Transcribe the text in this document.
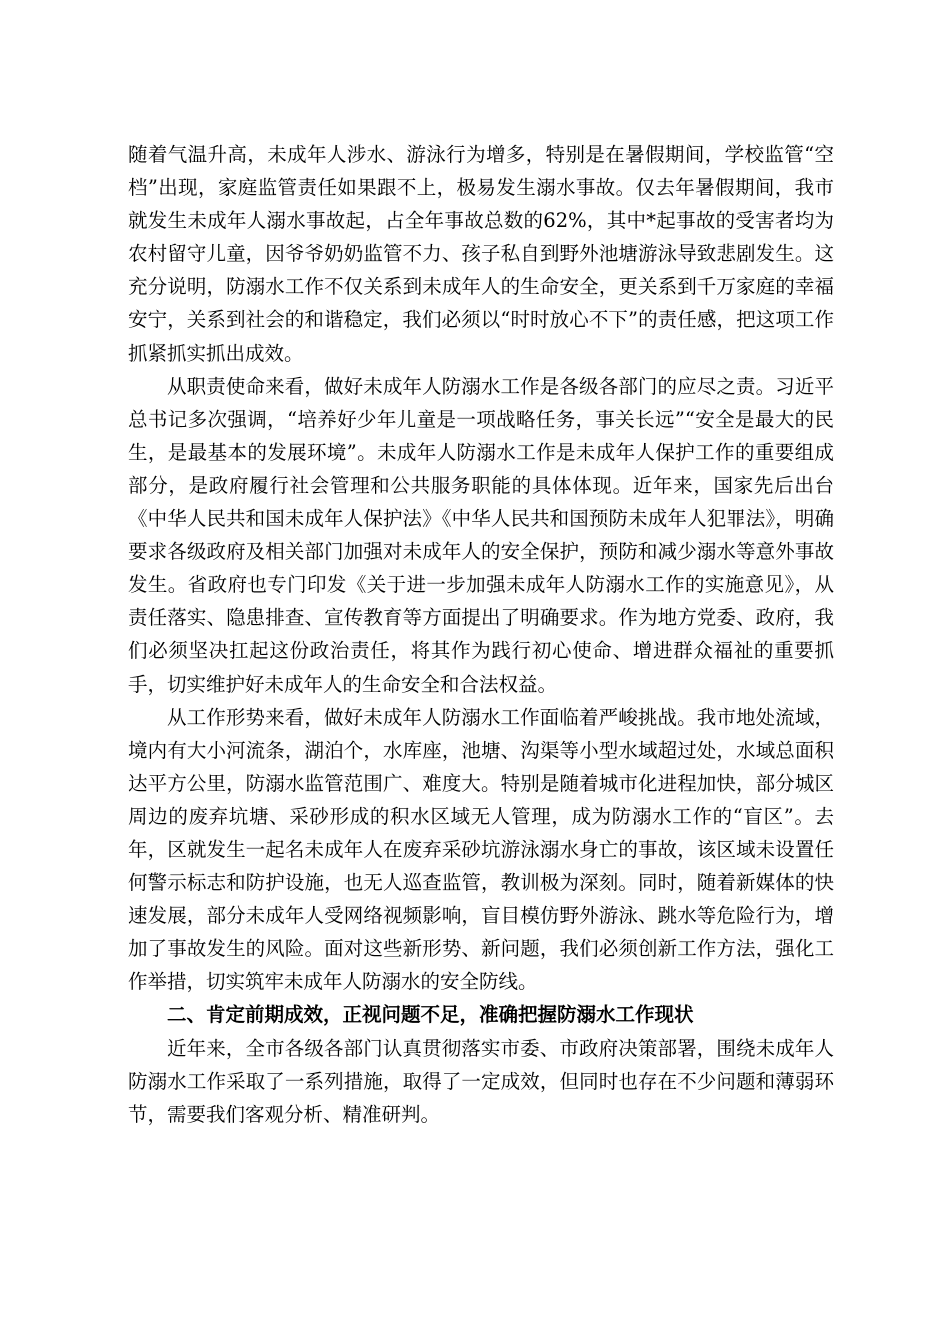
随着气温升高，未成年人涉水、游泳行为增多，特别是在暑假期间，学校监管“空档”出现，家庭监管责任如果跟不上，极易发生溺水事故。仅去年暑假期间，我市就发生未成年人溺水事故起，占全年事故总数的62%，其中*起事故的受害者均为农村留守儿童，因爷爷奶奶监管不力、孩子私自到野外池塘游泳导致悲剧发生。这充分说明，防溺水工作不仅关系到未成年人的生命安全，更关系到千万家庭的幸福安宁，关系到社会的和谐稳定，我们必须以“时时放心不下”的责任感，把这项工作抓紧抓实抓出成效。

从职责使命来看，做好未成年人防溺水工作是各级各部门的应尽之责。习近平总书记多次强调，“培养好少年儿童是一项战略任务，事关长远”“安全是最大的民生，是最基本的发展环境”。未成年人防溺水工作是未成年人保护工作的重要组成部分，是政府履行社会管理和公共服务职能的具体体现。近年来，国家先后出台《中华人民共和国未成年人保护法》《中华人民共和国预防未成年人犯罪法》，明确要求各级政府及相关部门加强对未成年人的安全保护，预防和减少溺水等意外事故发生。省政府也专门印发《关于进一步加强未成年人防溺水工作的实施意见》，从责任落实、隐患排查、宣传教育等方面提出了明确要求。作为地方党委、政府，我们必须坚决扛起这份政治责任，将其作为践行初心使命、增进群众福祉的重要抓手，切实维护好未成年人的生命安全和合法权益。

从工作形势来看，做好未成年人防溺水工作面临着严峻挑战。我市地处流域，境内有大小河流条，湖泊个，水库座，池塘、沟渠等小型水域超过处，水域总面积达平方公里，防溺水监管范围广、难度大。特别是随着城市化进程加快，部分城区周边的废弃坑塘、采砂形成的积水区域无人管理，成为防溺水工作的“盲区”。去年，区就发生一起名未成年人在废弃采砂坑游泳溺水身亡的事故，该区域未设置任何警示标志和防护设施，也无人巡查监管，教训极为深刻。同时，随着新媒体的快速发展，部分未成年人受网络视频影响，盲目模仿野外游泳、跳水等危险行为，增加了事故发生的风险。面对这些新形势、新问题，我们必须创新工作方法，强化工作举措，切实筑牢未成年人防溺水的安全防线。

二、肯定前期成效，正视问题不足，准确把握防溺水工作现状

近年来，全市各级各部门认真贯彻落实市委、市政府决策部署，围绕未成年人防溺水工作采取了一系列措施，取得了一定成效，但同时也存在不少问题和薄弱环节，需要我们客观分析、精准研判。
